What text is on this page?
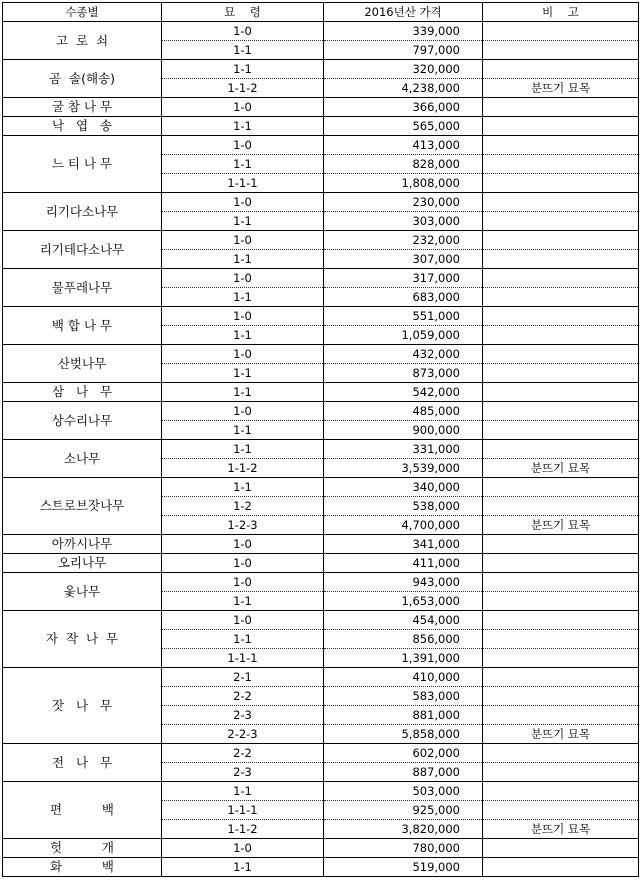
수종별	묘    령	2016년산 가격	비    고
고  로  쇠	1-0	339,000	
	1-1	797,000	
곰  솔(해송)	1-1	320,000	
	1-1-2	4,238,000	분뜨기 묘목
굴 참 나 무	1-0	366,000	
낙   엽   송	1-1	565,000	
느 티 나 무	1-0	413,000	
	1-1	828,000	
	1-1-1	1,808,000	
리기다소나무	1-0	230,000	
	1-1	303,000	
리기테다소나무	1-0	232,000	
	1-1	307,000	
물푸레나무	1-0	317,000	
	1-1	683,000	
백 합 나 무	1-0	551,000	
	1-1	1,059,000	
산벚나무	1-0	432,000	
	1-1	873,000	
삼   나   무	1-1	542,000	
상수리나무	1-0	485,000	
	1-1	900,000	
소나무	1-1	331,000	
	1-1-2	3,539,000	분뜨기 묘목
스트로브잣나무	1-1	340,000	
	1-2	538,000	
	1-2-3	4,700,000	분뜨기 묘목
아까시나무	1-0	341,000	
오리나무	1-0	411,000	
옻나무	1-0	943,000	
	1-1	1,653,000	
자  작  나  무	1-0	454,000	
	1-1	856,000	
	1-1-1	1,391,000	
잣   나   무	2-1	410,000	
	2-2	583,000	
	2-3	881,000	
	2-2-3	5,858,000	분뜨기 묘목
전   나   무	2-2	602,000	
	2-3	887,000	
편          백	1-1	503,000	
	1-1-1	925,000	
	1-1-2	3,820,000	분뜨기 묘목
헛          개	1-0	780,000	
화          백	1-1	519,000	
